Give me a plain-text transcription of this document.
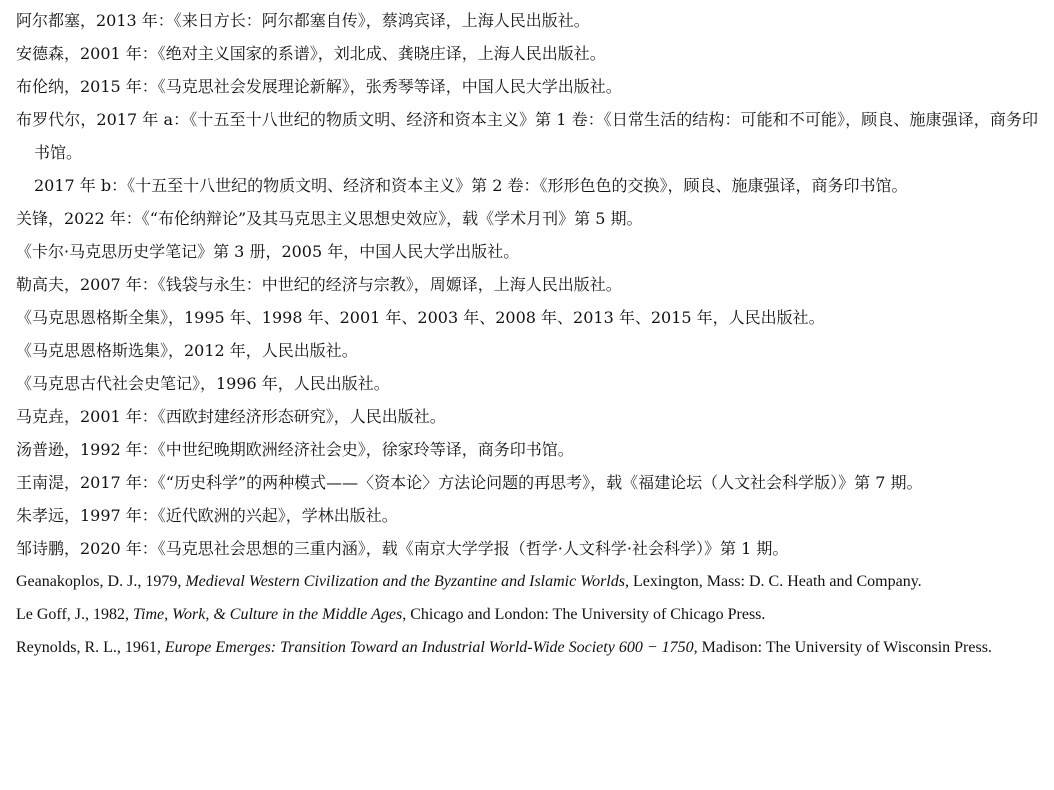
阿尔都塞，2013 年：《来日方长：阿尔都塞自传》，蔡鸿宾译，上海人民出版社。
安德森，2001 年：《绝对主义国家的系谱》，刘北成、龚晓庄译，上海人民出版社。
布伦纳，2015 年：《马克思社会发展理论新解》，张秀琴等译，中国人民大学出版社。
布罗代尔，2017 年 a：《十五至十八世纪的物质文明、经济和资本主义》第 1 卷：《日常生活的结构：可能和不可能》，顾良、施康强译，商务印书馆。
2017 年 b：《十五至十八世纪的物质文明、经济和资本主义》第 2 卷：《形形色色的交换》，顾良、施康强译，商务印书馆。
关锋，2022 年：《“布伦纳辩论”及其马克思主义思想史效应》，载《学术月刊》第 5 期。
《卡尔·马克思历史学笔记》第 3 册，2005 年，中国人民大学出版社。
勒高夫，2007 年：《钱袋与永生：中世纪的经济与宗教》，周嫄译，上海人民出版社。
《马克思恩格斯全集》，1995 年、1998 年、2001 年、2003 年、2008 年、2013 年、2015 年，人民出版社。
《马克思恩格斯选集》，2012 年，人民出版社。
《马克思古代社会史笔记》，1996 年，人民出版社。
马克垚，2001 年：《西欧封建经济形态研究》，人民出版社。
汤普逊，1992 年：《中世纪晚期欧洲经济社会史》，徐家玲等译，商务印书馆。
王南湜，2017 年：《“历史科学”的两种模式——〈资本论〉方法论问题的再思考》，载《福建论坛（人文社会科学版）》第 7 期。
朱孝远，1997 年：《近代欧洲的兴起》，学林出版社。
邹诗鹏，2020 年：《马克思社会思想的三重内涵》，载《南京大学学报（哲学·人文科学·社会科学）》第 1 期。
Geanakoplos, D. J., 1979, Medieval Western Civilization and the Byzantine and Islamic Worlds, Lexington, Mass: D. C. Heath and Company.
Le Goff, J., 1982, Time, Work, & Culture in the Middle Ages, Chicago and London: The University of Chicago Press.
Reynolds, R. L., 1961, Europe Emerges: Transition Toward an Industrial World-Wide Society 600 − 1750, Madison: The University of Wisconsin Press.
